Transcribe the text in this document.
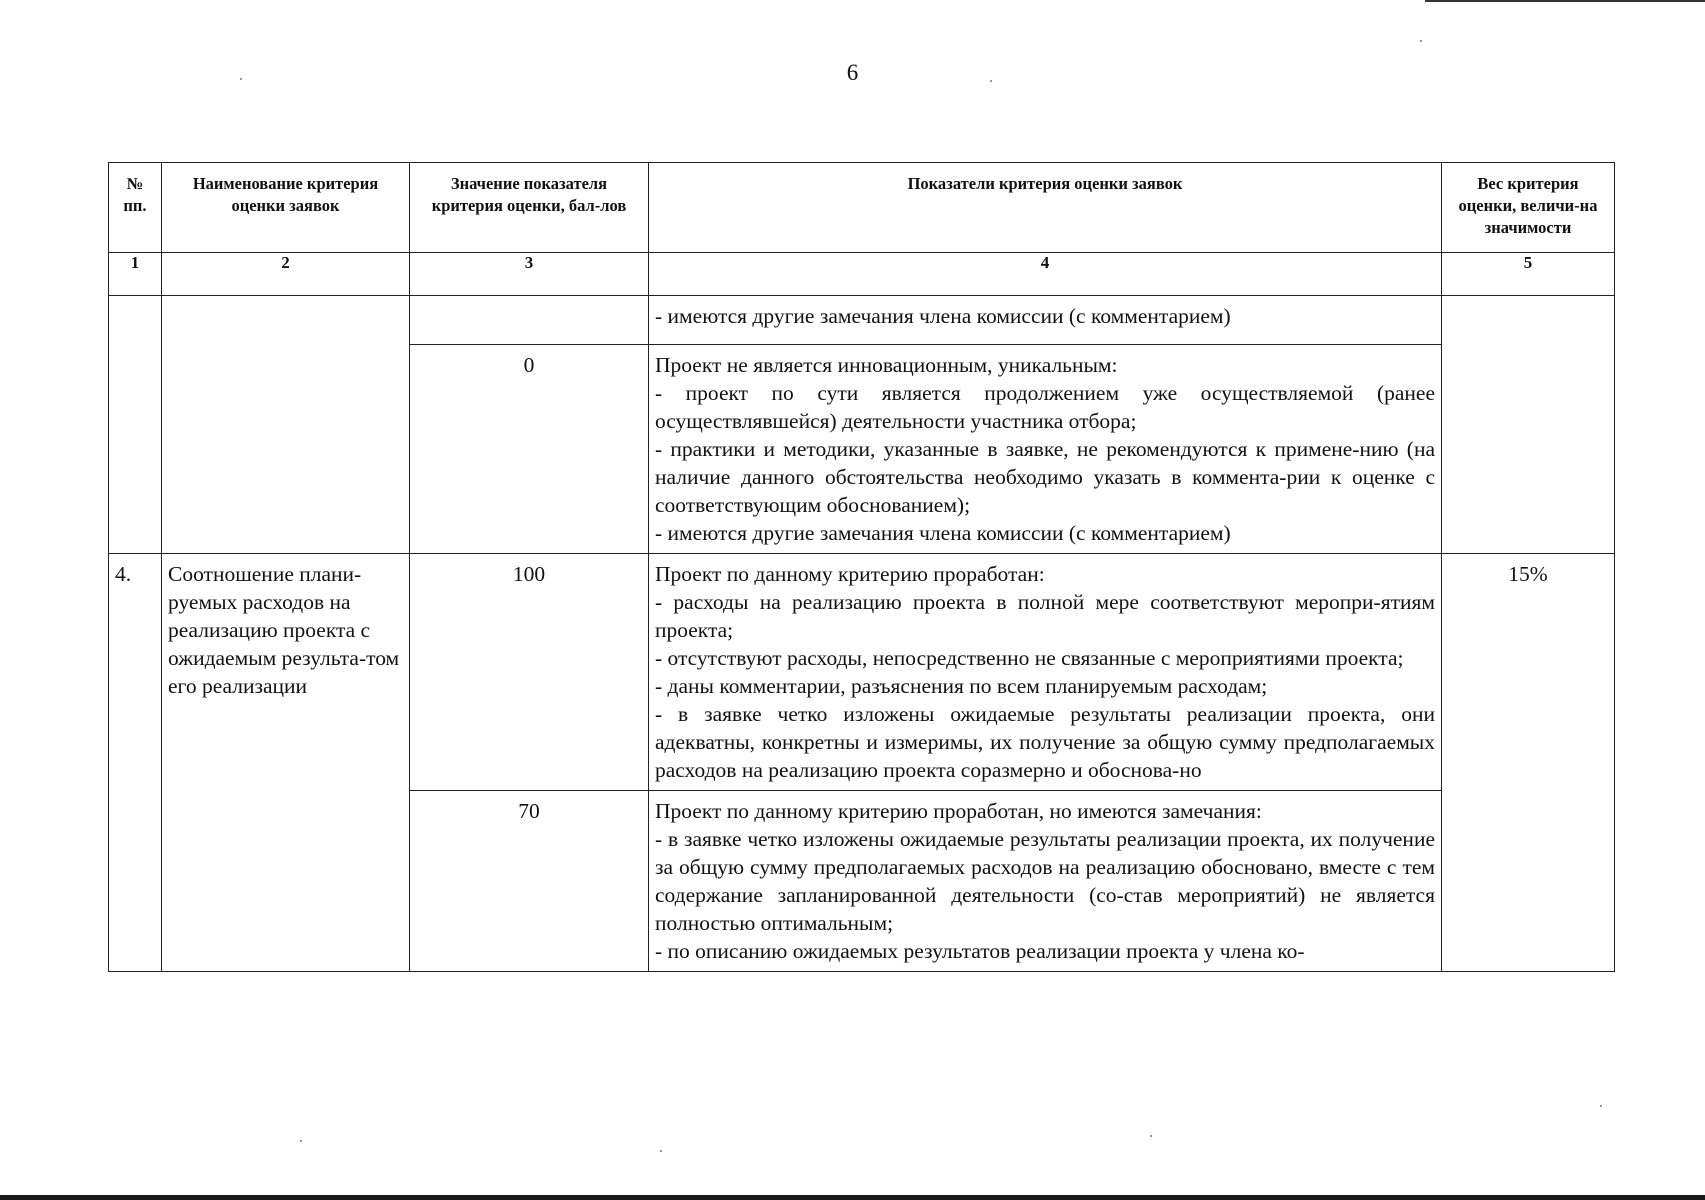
6
№ пп.	Наименование критерия оценки заявок	Значение показателя критерия оценки, бал-лов	Показатели критерия оценки заявок	Вес критерия оценки, величи-на значимости
1	2	3	4	5

			- имеются другие замечания члена комиссии (с комментарием)	

		0	Проект не является инновационным, уникальным:
- проект по сути является продолжением уже осуществляемой (ранее осуществлявшейся) деятельности участника отбора;
- практики и методики, указанные в заявке, не рекомендуются к примене-нию (на наличие данного обстоятельства необходимо указать в коммента-рии к оценке с соответствующим обоснованием);
- имеются другие замечания члена комиссии (с комментарием)	

4.	Соотношение плани-руемых расходов на реализацию проекта с ожидаемым результа-том его реализации	100	Проект по данному критерию проработан:
- расходы на реализацию проекта в полной мере соответствуют меропри-ятиям проекта;
- отсутствуют расходы, непосредственно не связанные с мероприятиями проекта;
- даны комментарии, разъяснения по всем планируемым расходам;
- в заявке четко изложены ожидаемые результаты реализации проекта, они адекватны, конкретны и измеримы, их получение за общую сумму предполагаемых расходов на реализацию проекта соразмерно и обоснова-но	15%
		70	Проект по данному критерию проработан, но имеются замечания:
- в заявке четко изложены ожидаемые результаты реализации проекта, их получение за общую сумму предполагаемых расходов на реализацию обосновано, вместе с тем содержание запланированной деятельности (со-став мероприятий) не является полностью оптимальным;
- по описанию ожидаемых результатов реализации проекта у члена ко-	
